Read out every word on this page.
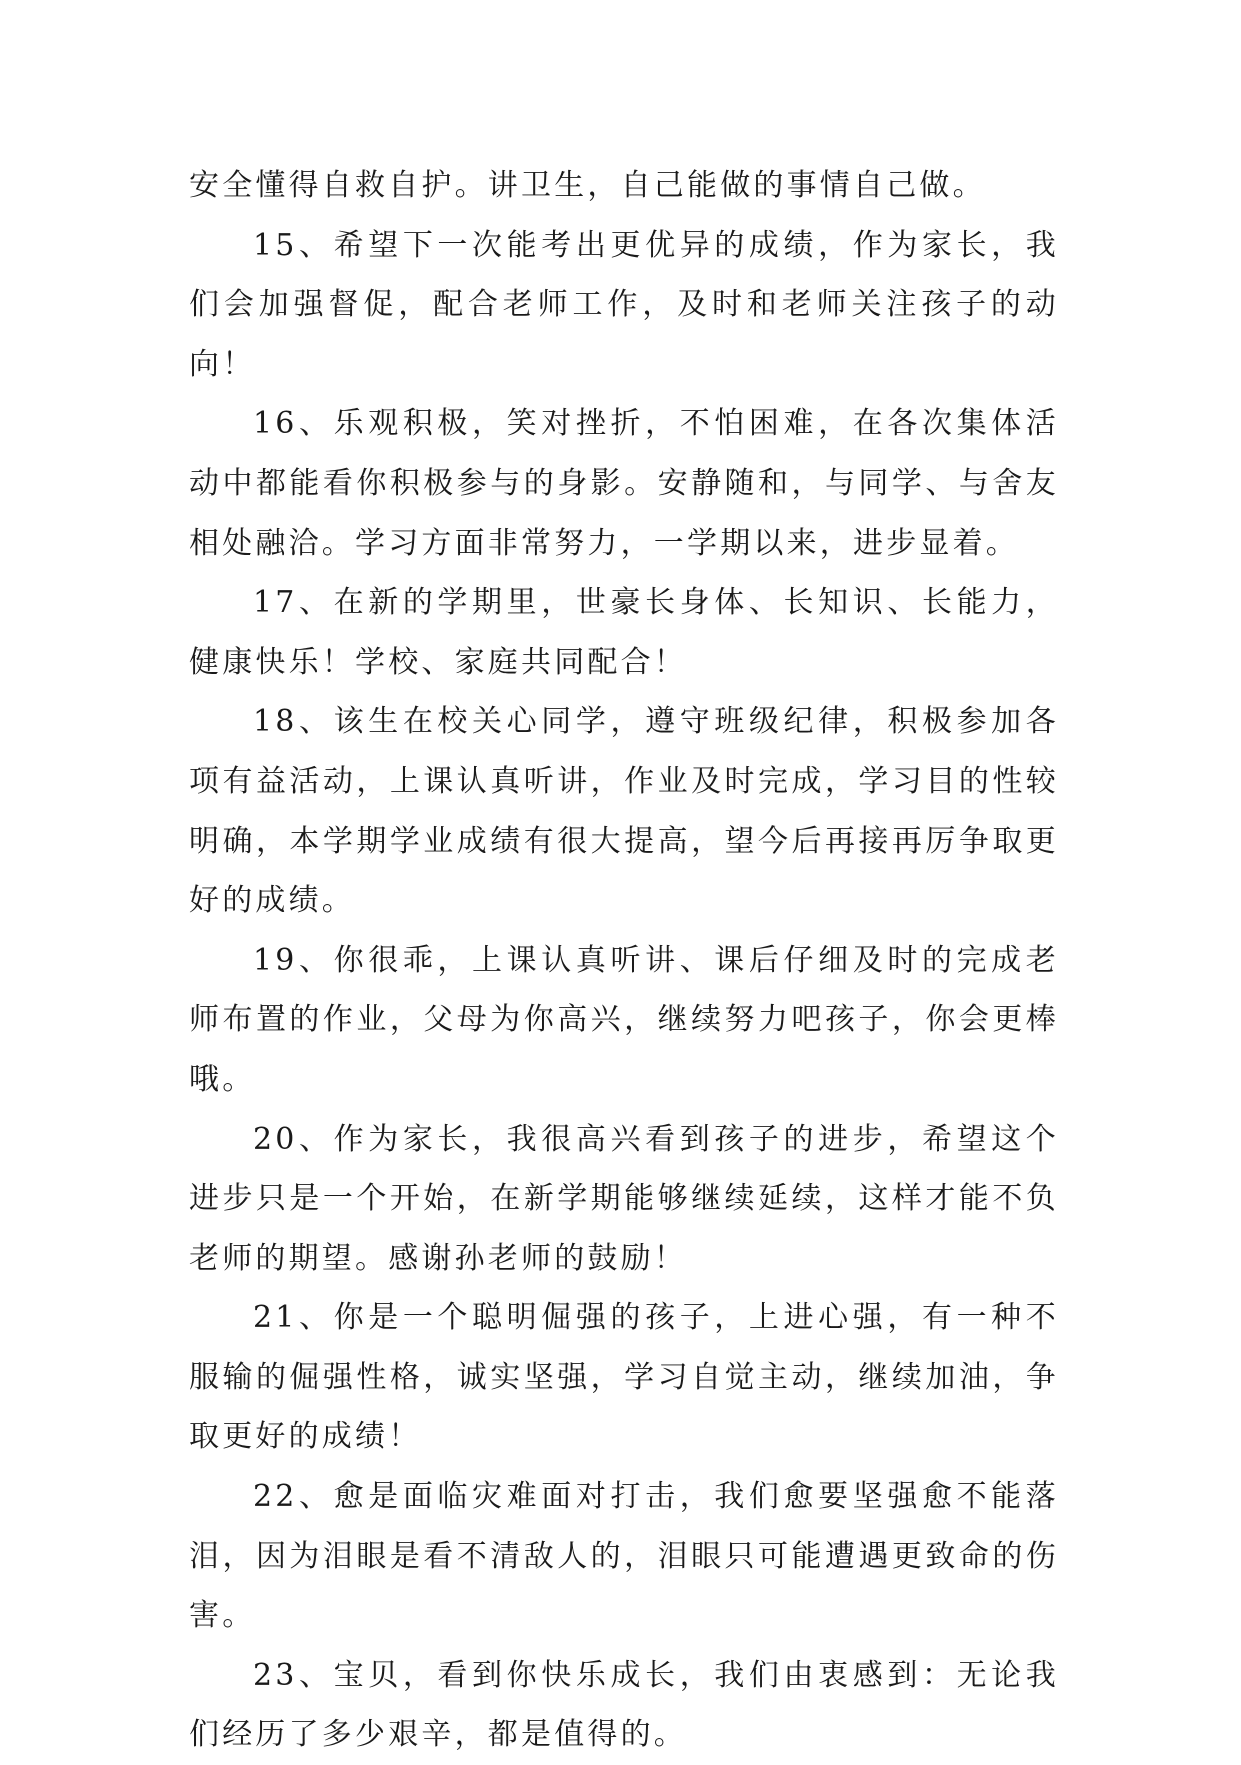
安全懂得自救自护。讲卫生，自己能做的事情自己做。

15、希望下一次能考出更优异的成绩，作为家长，我们会加强督促，配合老师工作，及时和老师关注孩子的动向！

16、乐观积极，笑对挫折，不怕困难，在各次集体活动中都能看你积极参与的身影。安静随和，与同学、与舍友相处融洽。学习方面非常努力，一学期以来，进步显着。

17、在新的学期里，世豪长身体、长知识、长能力，健康快乐！学校、家庭共同配合！

18、该生在校关心同学，遵守班级纪律，积极参加各项有益活动，上课认真听讲，作业及时完成，学习目的性较明确，本学期学业成绩有很大提高，望今后再接再厉争取更好的成绩。

19、你很乖，上课认真听讲、课后仔细及时的完成老师布置的作业，父母为你高兴，继续努力吧孩子，你会更棒哦。

20、作为家长，我很高兴看到孩子的进步，希望这个进步只是一个开始，在新学期能够继续延续，这样才能不负老师的期望。感谢孙老师的鼓励！

21、你是一个聪明倔强的孩子，上进心强，有一种不服输的倔强性格，诚实坚强，学习自觉主动，继续加油，争取更好的成绩！

22、愈是面临灾难面对打击，我们愈要坚强愈不能落泪，因为泪眼是看不清敌人的，泪眼只可能遭遇更致命的伤害。

23、宝贝，看到你快乐成长，我们由衷感到：无论我们经历了多少艰辛，都是值得的。
